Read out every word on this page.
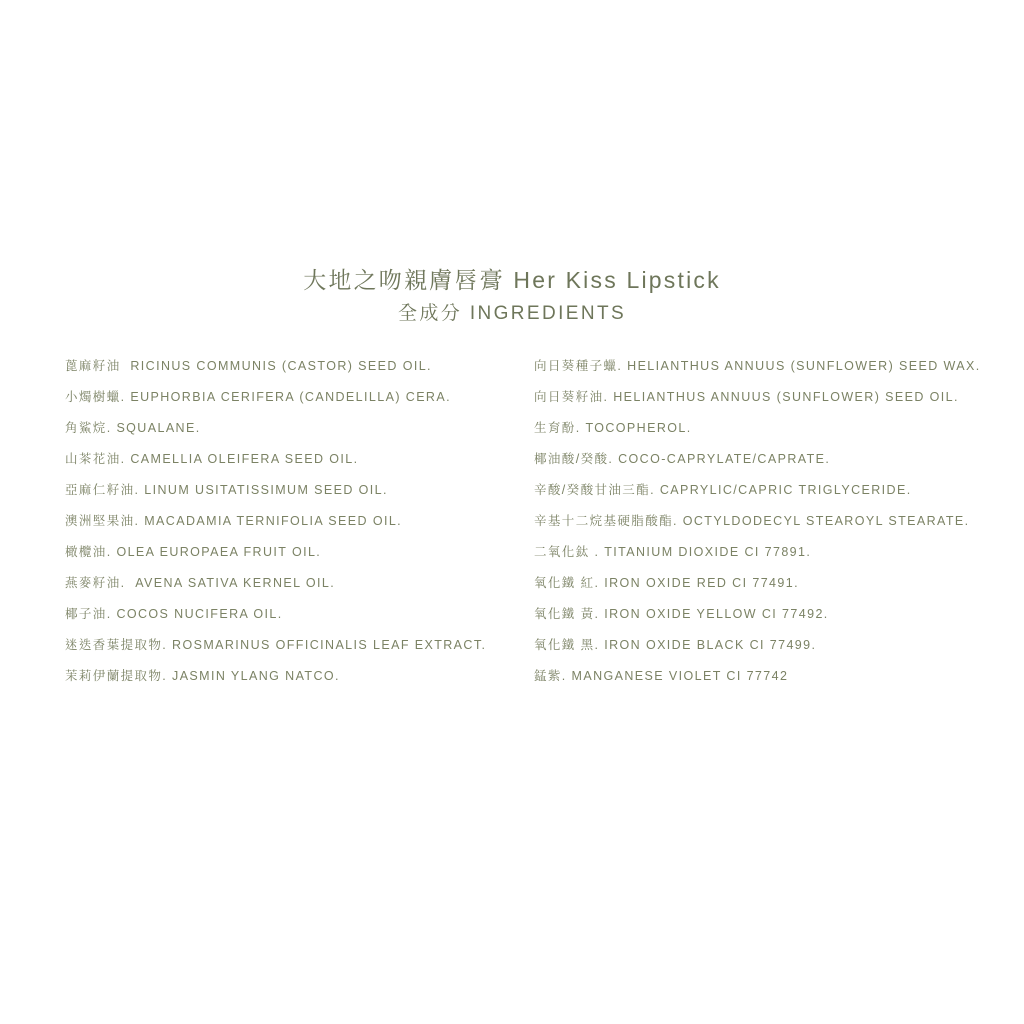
大地之吻親膚唇膏 Her Kiss Lipstick
全成分 INGREDIENTS
蓖麻籽油  RICINUS COMMUNIS (CASTOR) SEED OIL.
小燭樹蠟. EUPHORBIA CERIFERA (CANDELILLA) CERA.
角鯊烷. SQUALANE.
山茶花油. CAMELLIA OLEIFERA SEED OIL.
亞麻仁籽油. LINUM USITATISSIMUM SEED OIL.
澳洲堅果油. MACADAMIA TERNIFOLIA SEED OIL.
橄欖油. OLEA EUROPAEA FRUIT OIL.
燕麥籽油.  AVENA SATIVA KERNEL OIL.
椰子油. COCOS NUCIFERA OIL.
迷迭香葉提取物. ROSMARINUS OFFICINALIS LEAF EXTRACT.
茉莉伊蘭提取物. JASMIN YLANG NATCO.
向日葵種子蠟. HELIANTHUS ANNUUS (SUNFLOWER) SEED WAX.
向日葵籽油. HELIANTHUS ANNUUS (SUNFLOWER) SEED OIL.
生育酚. TOCOPHEROL.
椰油酸/癸酸. COCO-CAPRYLATE/CAPRATE.
辛酸/癸酸甘油三酯. CAPRYLIC/CAPRIC TRIGLYCERIDE.
辛基十二烷基硬脂酸酯. OCTYLDODECYL STEAROYL STEARATE.
二氧化鈦 . TITANIUM DIOXIDE CI 77891.
氧化鐵 紅. IRON OXIDE RED CI 77491.
氧化鐵 黃. IRON OXIDE YELLOW CI 77492.
氧化鐵 黑. IRON OXIDE BLACK CI 77499.
錳紫. MANGANESE VIOLET CI 77742
